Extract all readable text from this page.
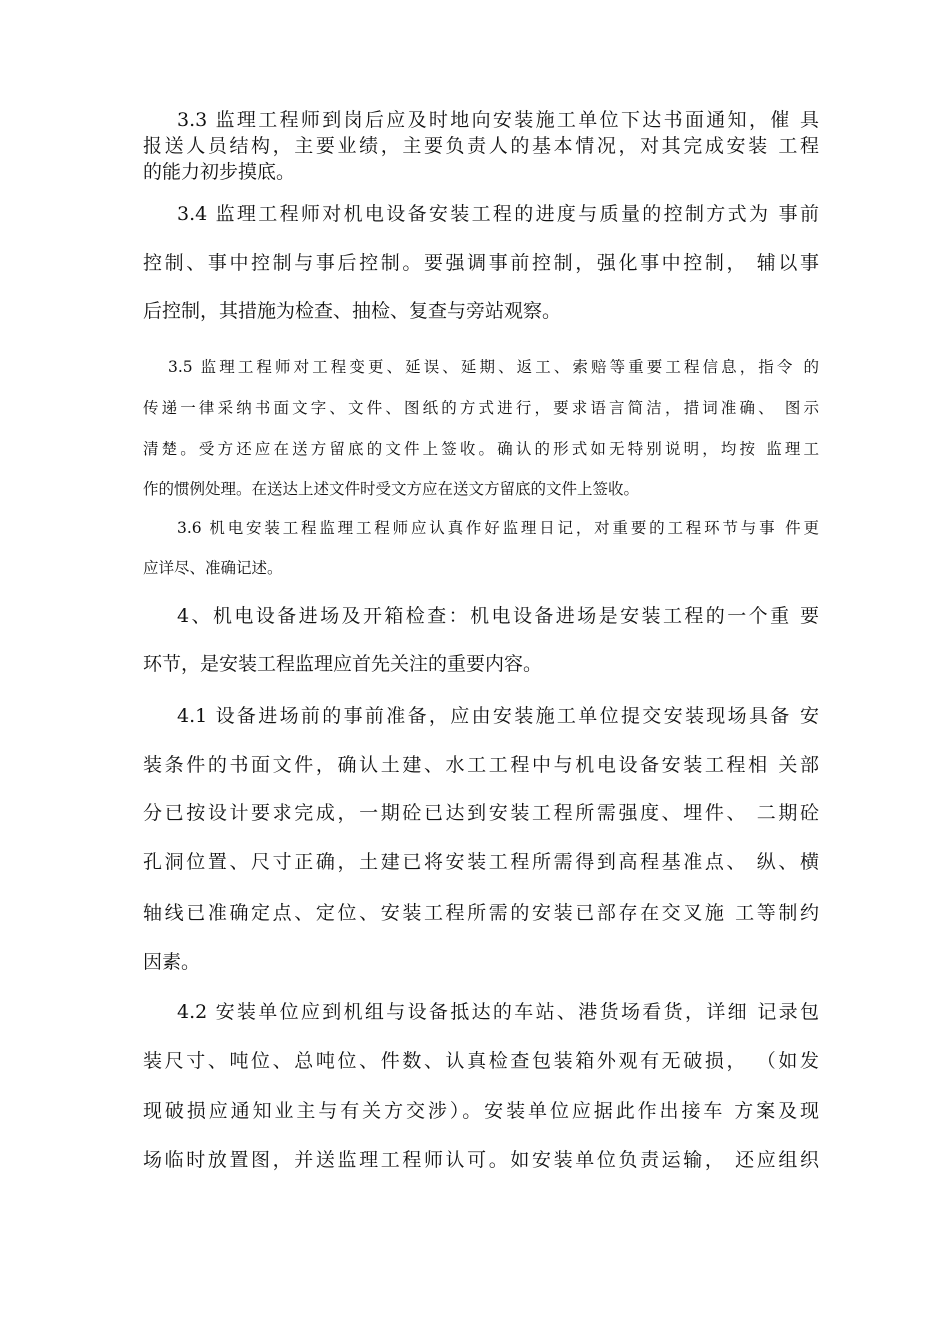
3.3 监理工程师到岗后应及时地向安装施工单位下达书面通知，催 具
报送人员结构，主要业绩，主要负责人的基本情况，对其完成安装 工程
的能力初步摸底。
3.4 监理工程师对机电设备安装工程的进度与质量的控制方式为 事前
控制、事中控制与事后控制。要强调事前控制，强化事中控制， 辅以事
后控制，其措施为检查、抽检、复查与旁站观察。
3.5 监理工程师对工程变更、延误、延期、返工、索赔等重要工程信息，指令 的
传递一律采纳书面文字、文件、图纸的方式进行，要求语言简洁，措词准确、 图示
清楚。受方还应在送方留底的文件上签收。确认的形式如无特别说明，均按 监理工
作的惯例处理。在送达上述文件时受文方应在送文方留底的文件上签收。
3.6 机电安装工程监理工程师应认真作好监理日记，对重要的工程环节与事 件更
应详尽、准确记述。
4、机电设备进场及开箱检查：机电设备进场是安装工程的一个重 要
环节，是安装工程监理应首先关注的重要内容。
4.1 设备进场前的事前准备，应由安装施工单位提交安装现场具备 安
装条件的书面文件，确认土建、水工工程中与机电设备安装工程相 关部
分已按设计要求完成，一期砼已达到安装工程所需强度、埋件、 二期砼
孔洞位置、尺寸正确，土建已将安装工程所需得到高程基准点、 纵、横
轴线已准确定点、定位、安装工程所需的安装已部存在交叉施 工等制约
因素。
4.2 安装单位应到机组与设备抵达的车站、港货场看货，详细 记录包
装尺寸、吨位、总吨位、件数、认真检查包装箱外观有无破损， （如发
现破损应通知业主与有关方交涉）。安装单位应据此作出接车 方案及现
场临时放置图，并送监理工程师认可。如安装单位负责运输， 还应组织
